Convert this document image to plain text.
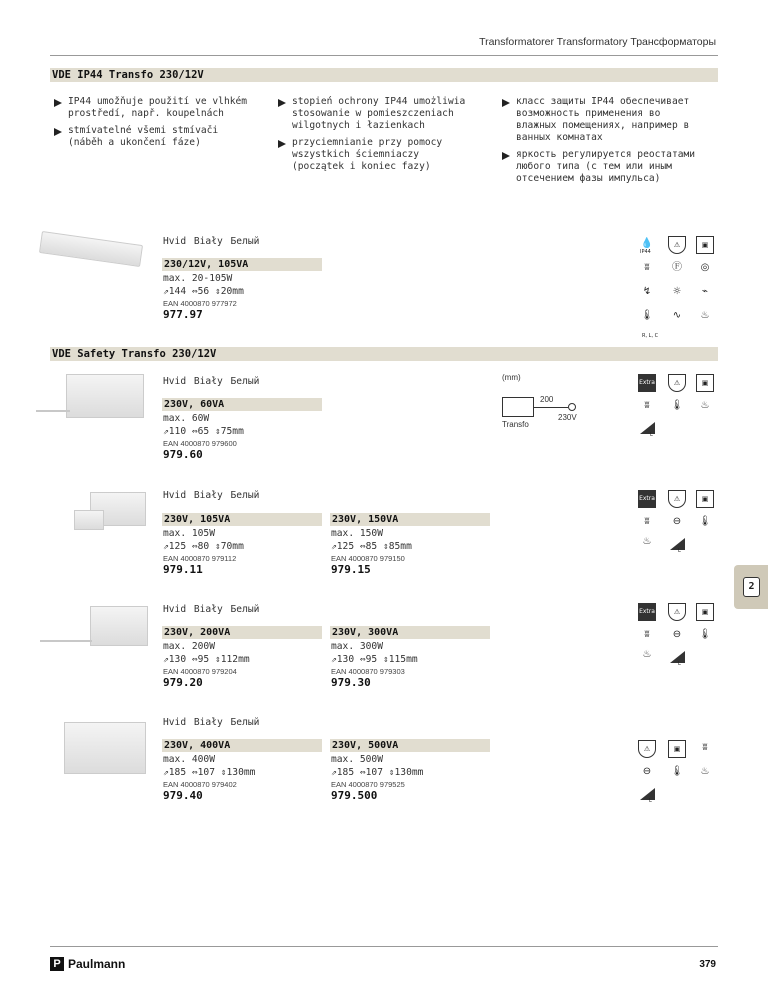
Transformatorer Transformatory Трансформаторы
VDE IP44 Transfo 230/12V
IP44 umožňuje použití ve vlhkém prostředí, např. koupelnách
stmívatelné všemi stmívači (náběh a ukončení fáze)
stopień ochrony IP44 umożliwia stosowanie w pomieszczeniach wilgotnych i łazienkach
przyciemnianie przy pomocy wszystkich ściemniaczy (początek i koniec fazy)
класс защиты IP44 обеспечивает возможность применения во влажных помещениях, например в ванных комнатах
яркость регулируется реостатами любого типа (с тем или иным отсечением фазы импульса)
Hvid Biały Белый
230/12V, 105VA
max. 20-105W
⇗144 ⇔56 ⇕20mm
EAN 4000870 977972
977.97
💧
IP44
⚠	▣
ʬ	Ⓕ	◎
↯	☼	⌁
🌡	∿	♨
R, L, C
VDE Safety Transfo 230/12V
(mm)
200
Transfo
230V
Hvid Biały Белый
230V, 60VA
max. 60W
⇗110 ⇔65 ⇕75mm
EAN 4000870 979600
979.60
Extra	⚠	▣
ʬ	🌡	♨
L
Hvid Biały Белый
230V, 105VA
max. 105W
⇗125 ⇔80 ⇕70mm
EAN 4000870 979112
979.11
230V, 150VA
max. 150W
⇗125 ⇔85 ⇕85mm
EAN 4000870 979150
979.15
Extra	⚠	▣
ʬ	⊖	🌡
♨
L
Hvid Biały Белый
230V, 200VA
max. 200W
⇗130 ⇔95 ⇕112mm
EAN 4000870 979204
979.20
230V, 300VA
max. 300W
⇗130 ⇔95 ⇕115mm
EAN 4000870 979303
979.30
Extra	⚠	▣
ʬ	⊖	🌡
♨
L
Hvid Biały Белый
230V, 400VA
max. 400W
⇗185 ⇔107 ⇕130mm
EAN 4000870 979402
979.40
230V, 500VA
max. 500W
⇗185 ⇔107 ⇕130mm
EAN 4000870 979525
979.500
⚠	▣	ʬ
⊖	🌡	♨
L
2
P Paulmann	379
